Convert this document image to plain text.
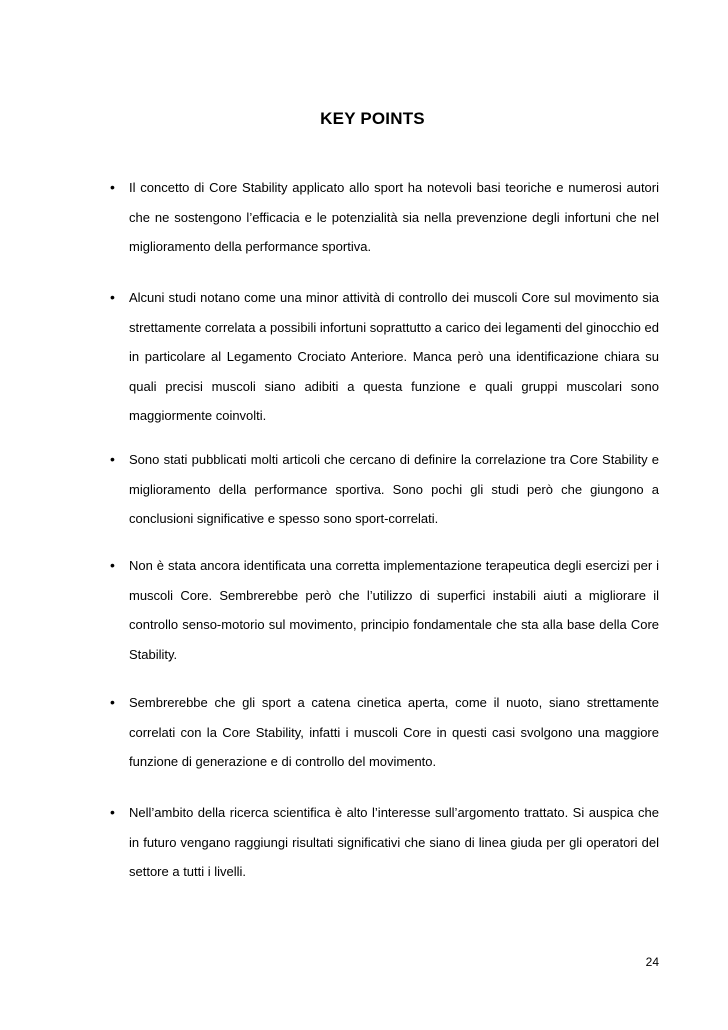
KEY POINTS
• Il concetto di Core Stability applicato allo sport ha notevoli basi teoriche e numerosi autori che ne sostengono l’efficacia e le potenzialità sia nella prevenzione degli infortuni che nel miglioramento della performance sportiva.

• Alcuni studi notano come una minor attività di controllo dei muscoli Core sul movimento sia strettamente correlata a possibili infortuni soprattutto a carico dei legamenti del ginocchio ed in particolare al Legamento Crociato Anteriore. Manca però una identificazione chiara su quali precisi muscoli siano adibiti a questa funzione e quali gruppi muscolari sono maggiormente coinvolti.

• Sono stati pubblicati molti articoli che cercano di definire la correlazione tra Core Stability e miglioramento della performance sportiva. Sono pochi gli studi però che giungono a conclusioni significative e spesso sono sport-correlati.

• Non è stata ancora identificata una corretta implementazione terapeutica degli esercizi per i muscoli Core. Sembrerebbe però che l’utilizzo di superfici instabili aiuti a migliorare il controllo senso-motorio sul movimento, principio fondamentale che sta alla base della Core Stability.

• Sembrerebbe che gli sport a catena cinetica aperta, come il nuoto, siano strettamente correlati con la Core Stability, infatti i muscoli Core in questi casi svolgono una maggiore funzione di generazione e di controllo del movimento.

• Nell’ambito della ricerca scientifica è alto l’interesse sull’argomento trattato. Si auspica che in futuro vengano raggiungi risultati significativi che siano di linea giuda per gli operatori del settore a tutti i livelli.

24
